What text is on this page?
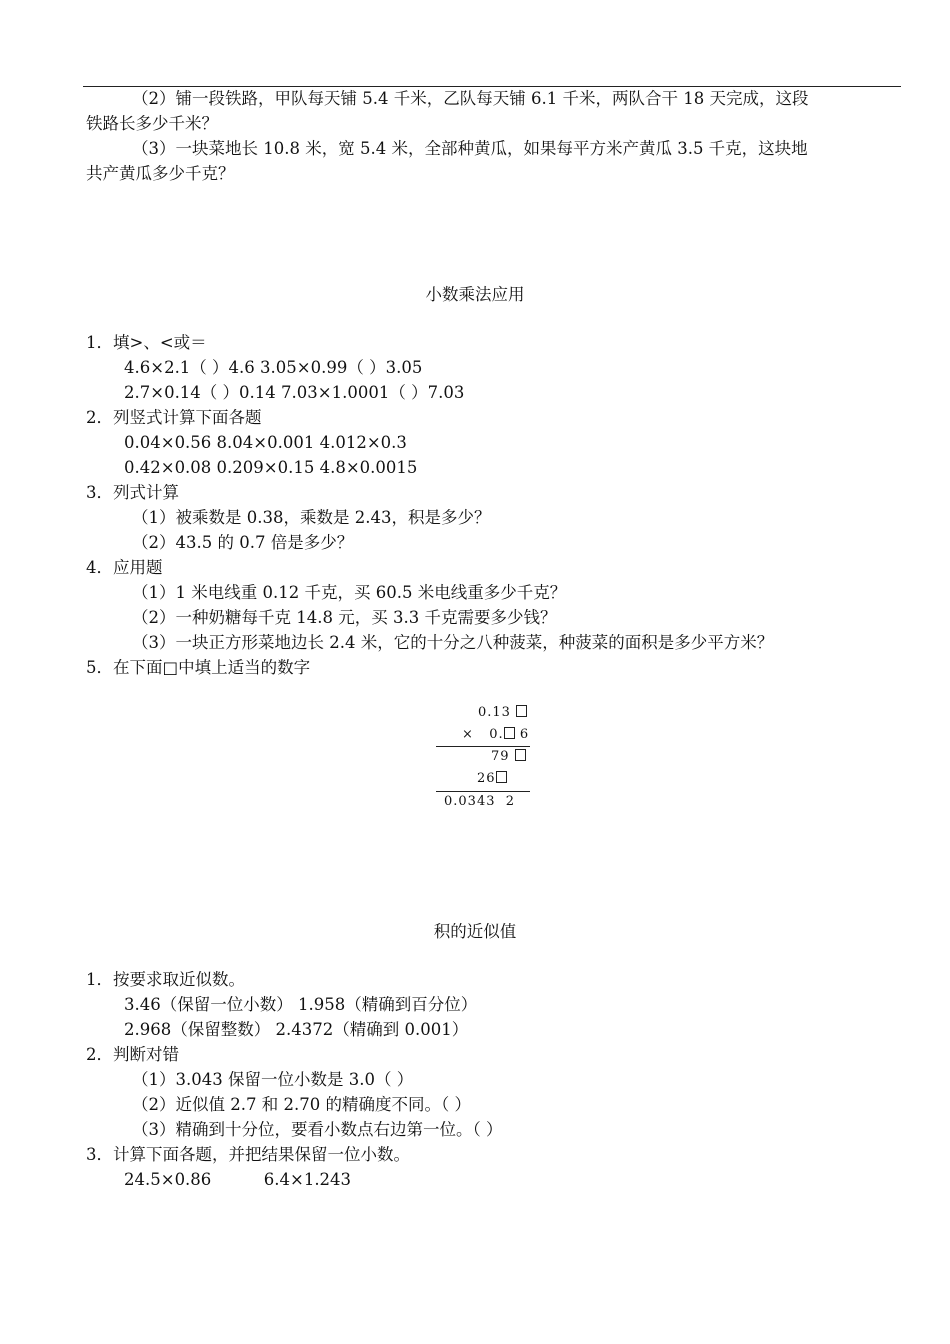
（2）铺一段铁路，甲队每天铺 5.4 千米，乙队每天铺 6.1 千米，两队合干 18 天完成，这段
铁路长多少千米？
（3）一块菜地长 10.8 米，宽 5.4 米，全部种黄瓜，如果每平方米产黄瓜 3.5 千克，这块地
共产黄瓜多少千克？
小数乘法应用
1．填>、<或＝
4.6×2.1（ ）4.6 3.05×0.99（ ）3.05
2.7×0.14（ ）0.14 7.03×1.0001（ ）7.03
2．列竖式计算下面各题
0.04×0.56 8.04×0.001 4.012×0.3
0.42×0.08 0.209×0.15 4.8×0.0015
3．列式计算
（1）被乘数是 0.38，乘数是 2.43，积是多少？
（2）43.5 的 0.7 倍是多少？
4．应用题
（1）1 米电线重 0.12 千克，买 60.5 米电线重多少千克？
（2）一种奶糖每千克 14.8 元，买 3.3 千克需要多少钱？
（3）一块正方形菜地边长 2.4 米，它的十分之八种菠菜，种菠菜的面积是多少平方米？
5．在下面□中填上适当的数字
0.13
×   0. 6
79
26
0.0343  2
积的近似值
1．按要求取近似数。
3.46（保留一位小数） 1.958（精确到百分位）
2.968（保留整数） 2.4372（精确到 0.001）
2．判断对错
（1）3.043 保留一位小数是 3.0（ ）
（2）近似值 2.7 和 2.70 的精确度不同。（ ）
（3）精确到十分位，要看小数点右边第一位。（ ）
3．计算下面各题，并把结果保留一位小数。
24.5×0.86          6.4×1.243
